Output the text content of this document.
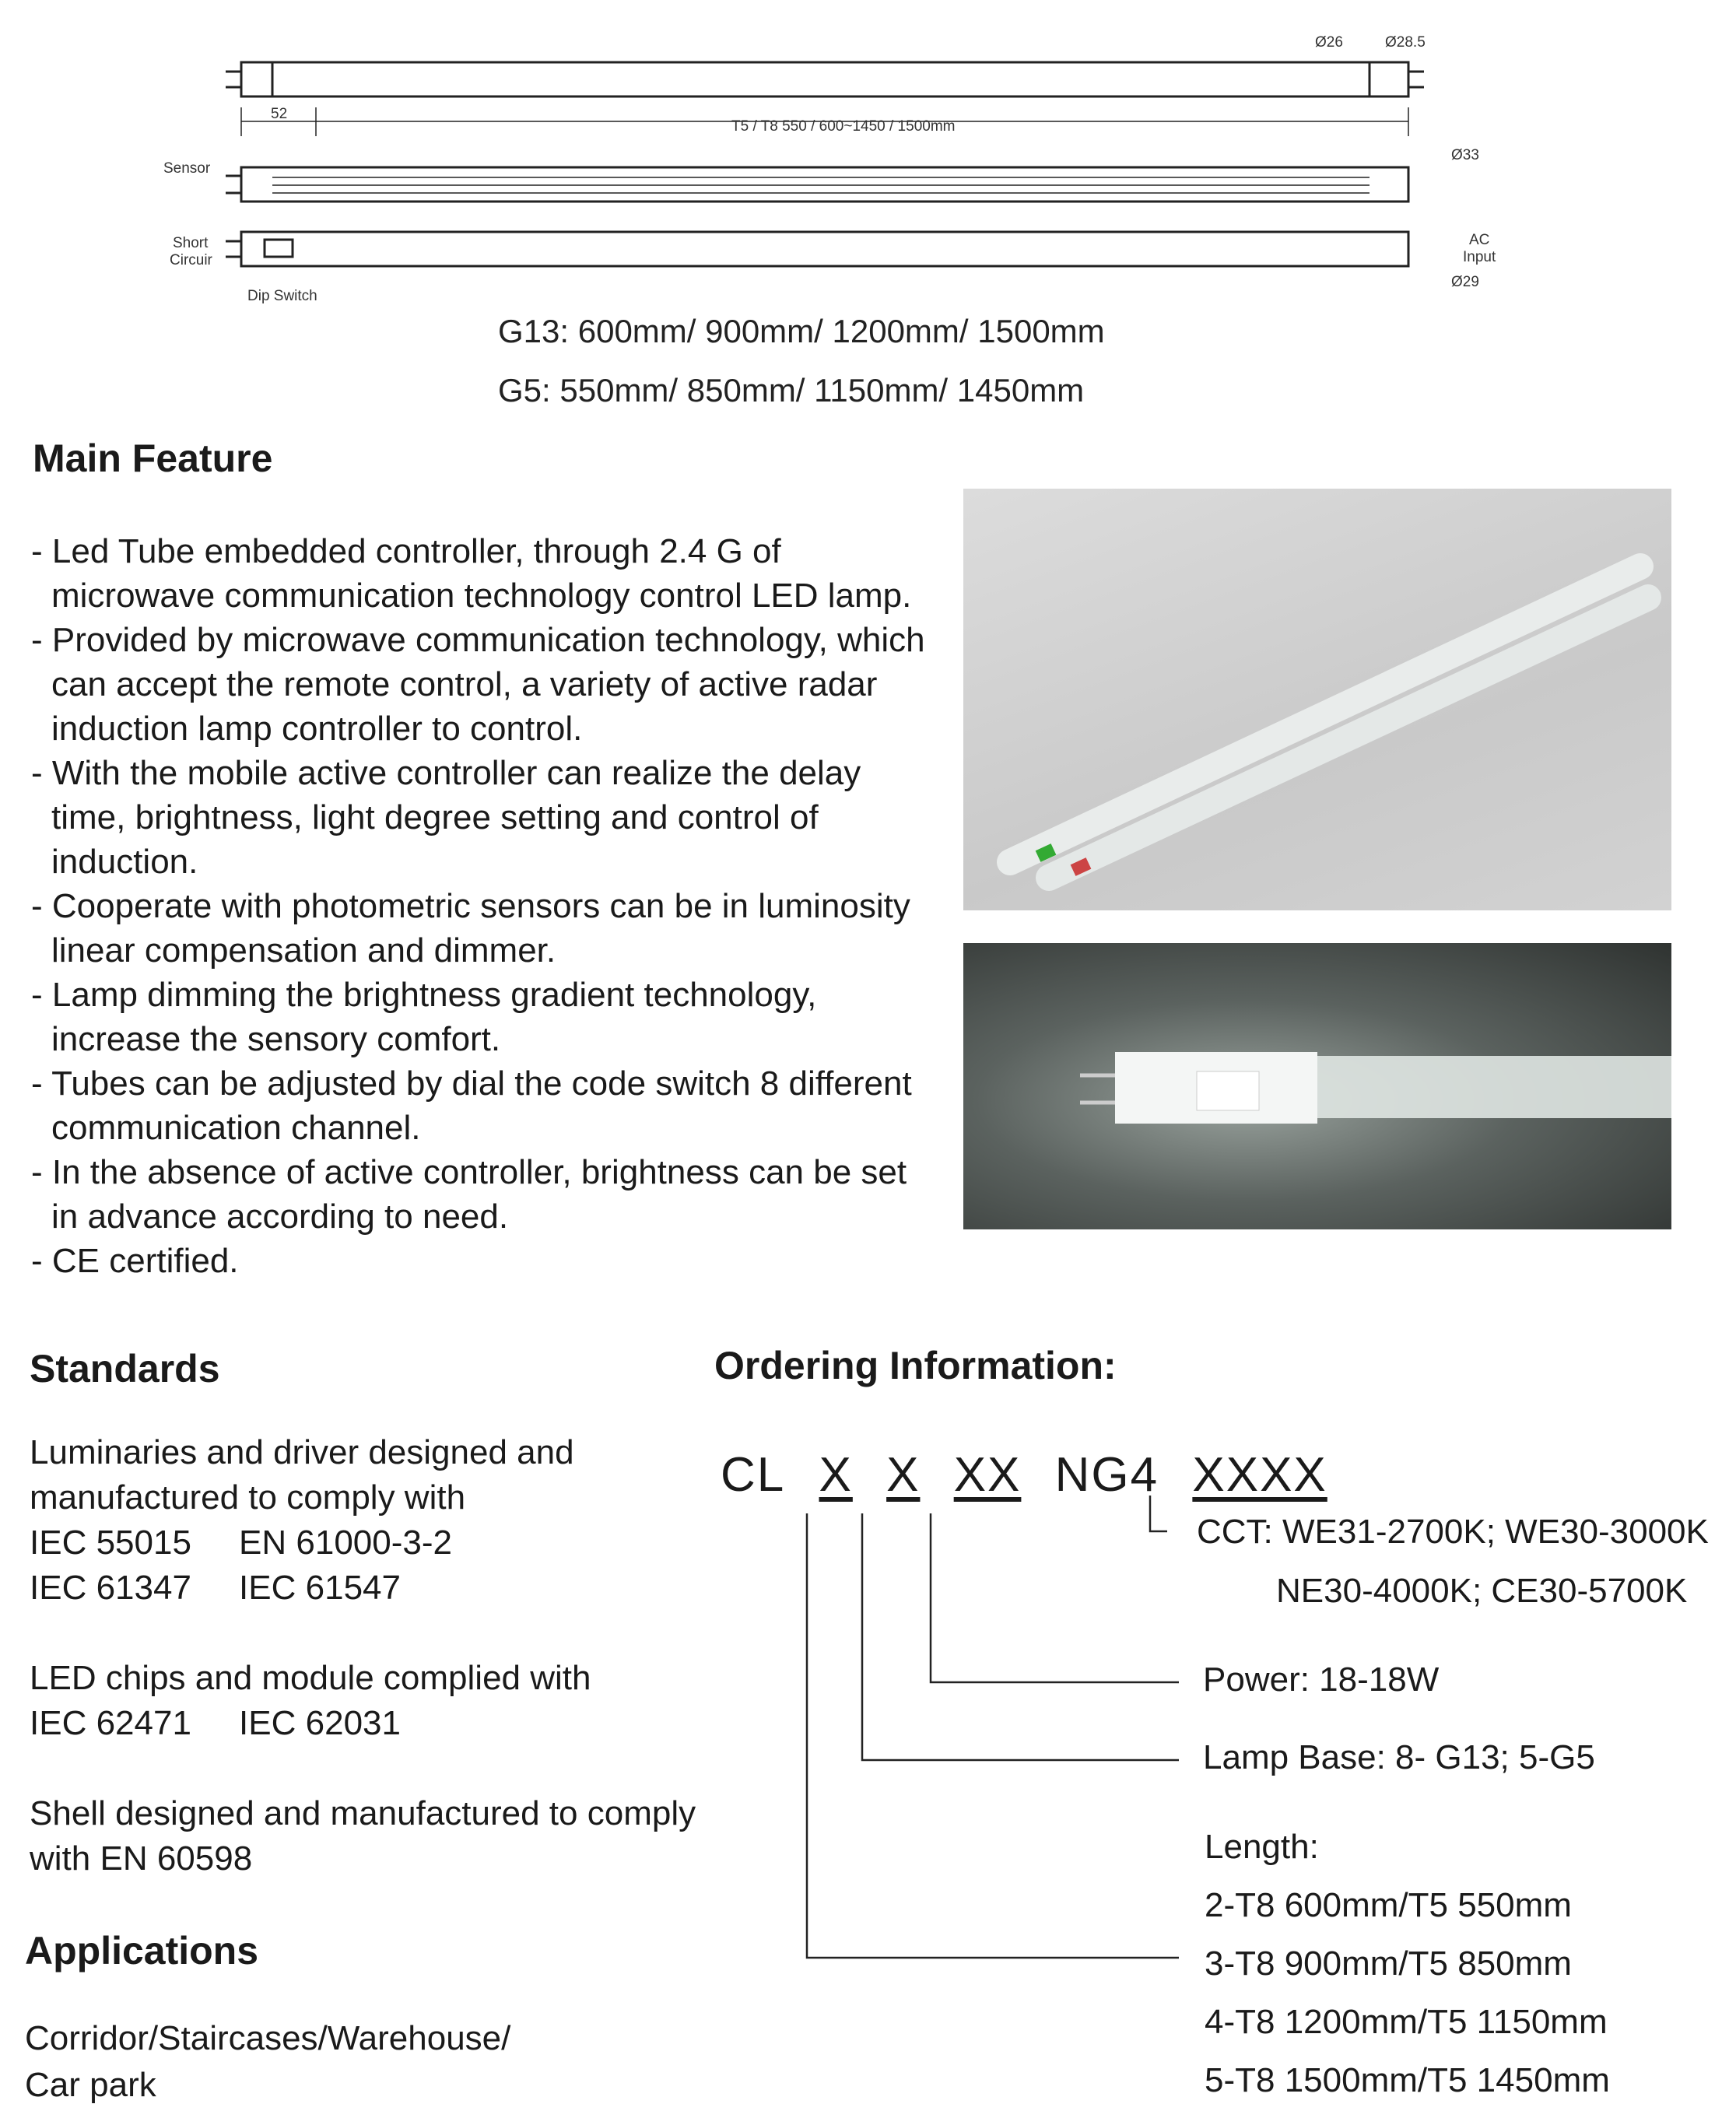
52
T5 / T8 550 / 600~1450 / 1500mm
Ø26	Ø28.5
Ø33
Ø29
Sensor
Short
Circuir
Dip Switch
AC
Input
G13: 600mm/ 900mm/ 1200mm/ 1500mm
G5: 550mm/ 850mm/ 1150mm/ 1450mm
Main Feature
- Led Tube embedded controller, through 2.4 G of microwave communication technology control LED lamp.
- Provided by microwave communication technology, which can accept the remote control, a variety of active radar induction lamp controller to control.
- With the mobile active controller can realize the delay time, brightness, light degree setting and control of induction.
- Cooperate with photometric sensors can be in luminosity linear compensation and dimmer.
- Lamp dimming the brightness gradient technology, increase the sensory comfort.
- Tubes can be adjusted by dial the code switch 8 different communication channel.
- In the absence of active controller, brightness can be set in advance according to need.
- CE certified.
Standards
Luminaries and driver designed and
manufactured to comply with
IEC 55015     EN 61000-3-2
IEC 61347     IEC 61547
LED chips and module complied with
IEC 62471     IEC 62031
Shell designed and manufactured to comply
with EN 60598
Applications
Corridor/Staircases/Warehouse/
Car park
Ordering Information:
CL X X XX NG4 XXXX
CCT: WE31-2700K; WE30-3000K
NE30-4000K; CE30-5700K
Power: 18-18W
Lamp Base: 8- G13; 5-G5
Length:
2-T8 600mm/T5 550mm
3-T8 900mm/T5 850mm
4-T8 1200mm/T5 1150mm
5-T8 1500mm/T5 1450mm
